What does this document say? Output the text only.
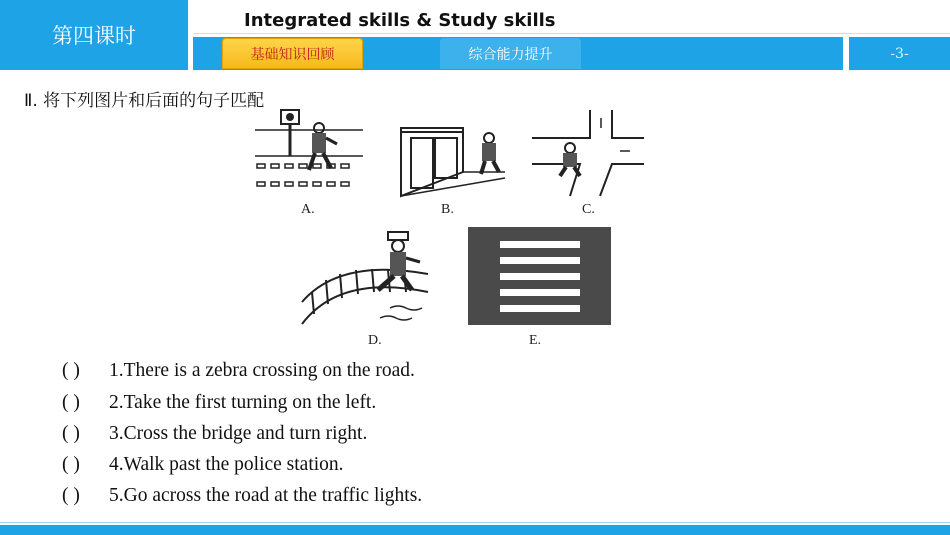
第四课时
Integrated skills & Study skills
基础知识回顾	综合能力提升	-3-
Ⅱ. 将下列图片和后面的句子匹配
A.	B.	C.
D.	E.
( ) 1.There is a zebra crossing on the road.
( ) 2.Take the first turning on the left.
( ) 3.Cross the bridge and turn right.
( ) 4.Walk past the police station.
( ) 5.Go across the road at the traffic lights.
